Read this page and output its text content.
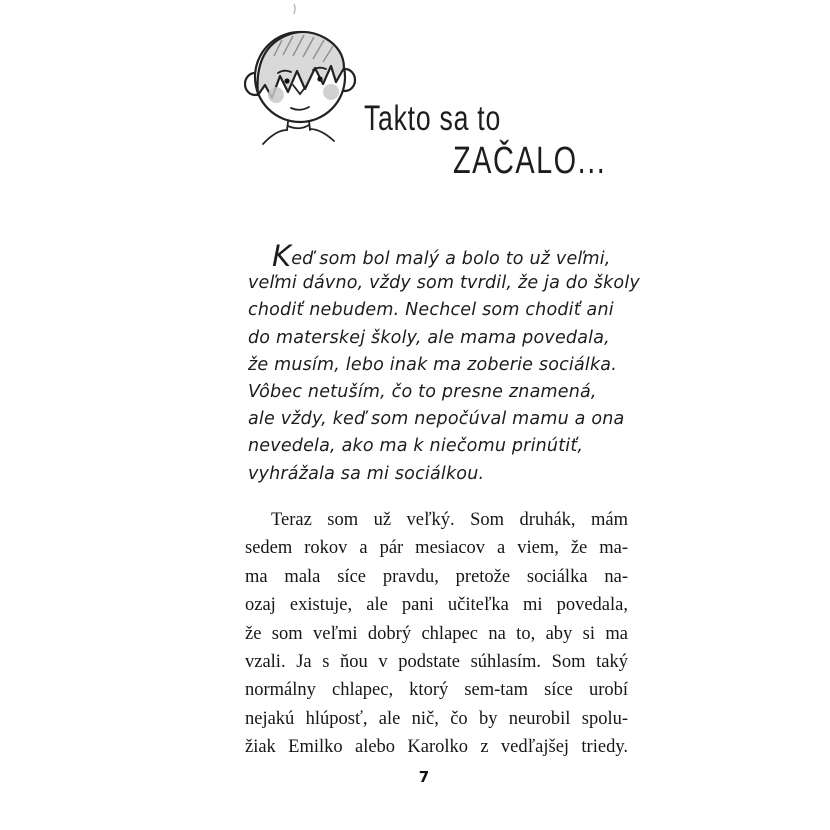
Takto sa to
ZAČALO...
Keď som bol malý a bolo to už veľmi,
veľmi dávno, vždy som tvrdil, že ja do školy
chodiť nebudem. Nechcel som chodiť ani
do materskej školy, ale mama povedala,
že musím, lebo inak ma zoberie sociálka.
Vôbec netuším, čo to presne znamená,
ale vždy, keď som nepočúval mamu a ona
nevedela, ako ma k niečomu prinútiť,
vyhrážala sa mi sociálkou.
Teraz som už veľký. Som druhák, mám
sedem rokov a pár mesiacov a viem, že ma-
ma mala síce pravdu, pretože sociálka na-
ozaj existuje, ale pani učiteľka mi povedala,
že som veľmi dobrý chlapec na to, aby si ma
vzali. Ja s ňou v podstate súhlasím. Som taký
normálny chlapec, ktorý sem-tam síce urobí
nejakú hlúposť, ale nič, čo by neurobil spolu-
žiak Emilko alebo Karolko z vedľajšej triedy.
7
